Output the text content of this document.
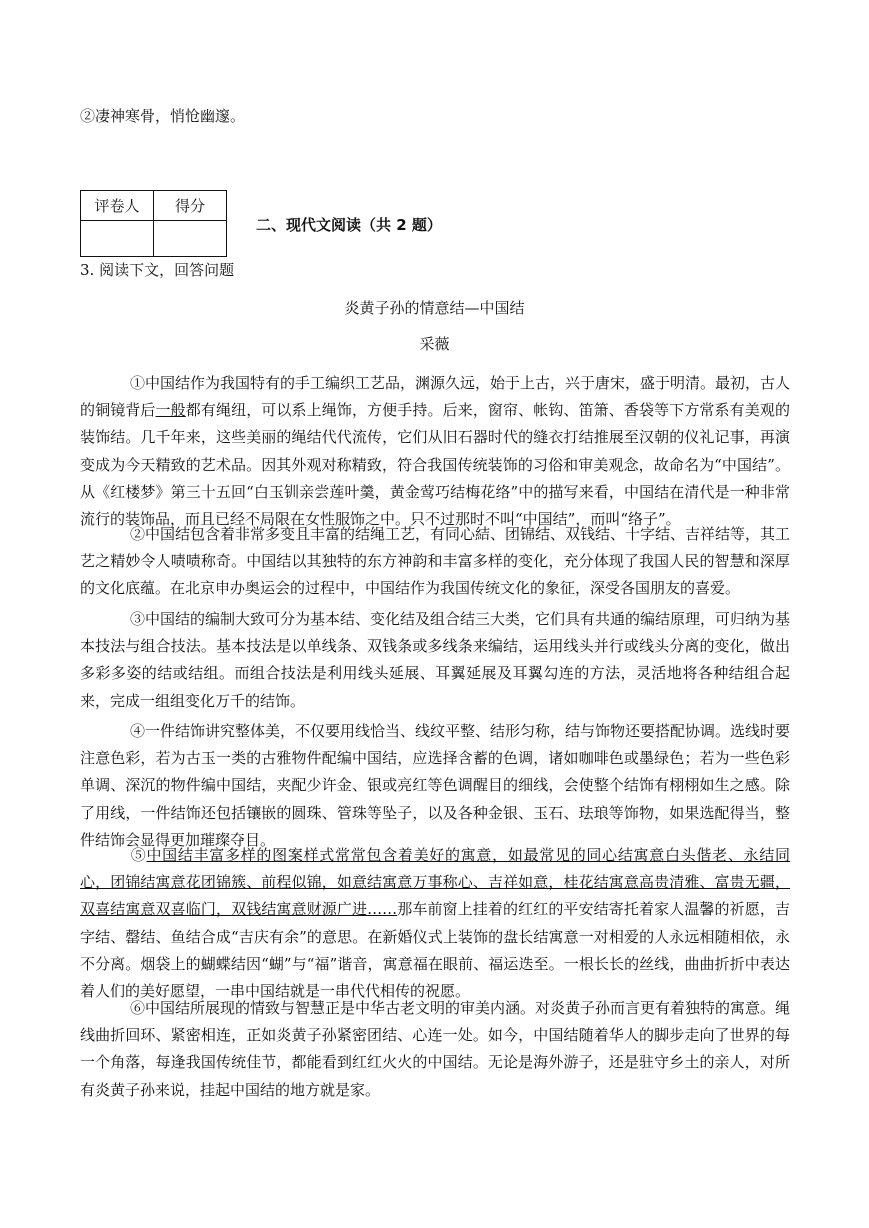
②凄神寒骨，悄怆幽邃。
评卷人	得分

二、现代文阅读（共 2 题）
3. 阅读下文，回答问题
炎黄子孙的情意结—中国结
采薇
①中国结作为我国特有的手工编织工艺品，渊源久远，始于上古，兴于唐宋，盛于明清。最初，古人的铜镜背后一般都有绳纽，可以系上绳饰，方便手持。后来，窗帘、帐钩、笛箫、香袋等下方常系有美观的装饰结。几千年来，这些美丽的绳结代代流传，它们从旧石器时代的缝衣打结推展至汉朝的仪礼记事，再演变成为今天精致的艺术品。因其外观对称精致，符合我国传统装饰的习俗和审美观念，故命名为“中国结”。从《红楼梦》第三十五回“白玉钏亲尝莲叶羹，黄金莺巧结梅花络”中的描写来看，中国结在清代是一种非常流行的装饰品，而且已经不局限在女性服饰之中。只不过那时不叫“中国结”，而叫“络子”。
②中国结包含着非常多变且丰富的结绳工艺，有同心結、团锦结、双钱结、十字结、吉祥结等，其工艺之精妙令人啧啧称奇。中国结以其独特的东方神韵和丰富多样的变化，充分体现了我国人民的智慧和深厚的文化底蕴。在北京申办奥运会的过程中，中国结作为我国传统文化的象征，深受各国朋友的喜爱。
③中国结的编制大致可分为基本结、变化结及组合结三大类，它们具有共通的编结原理，可归纳为基本技法与组合技法。基本技法是以单线条、双钱条或多线条来编结，运用线头并行或线头分离的变化，做出多彩多姿的结或结组。而组合技法是利用线头延展、耳翼延展及耳翼勾连的方法，灵活地将各种结组合起来，完成一组组变化万千的结饰。
④一件结饰讲究整体美，不仅要用线恰当、线纹平整、结形匀称，结与饰物还要搭配协调。选线时要注意色彩，若为古玉一类的古雅物件配编中国结，应选择含蓄的色调，诸如咖啡色或墨绿色；若为一些色彩单调、深沉的物件编中国结，夹配少许金、银或亮红等色调醒目的细线，会使整个结饰有栩栩如生之感。除了用线，一件结饰还包括镶嵌的圆珠、管珠等坠子，以及各种金银、玉石、珐琅等饰物，如果选配得当，整件结饰会显得更加璀璨夺目。
⑤中国结丰富多样的图案样式常常包含着美好的寓意，如最常见的同心结寓意白头偕老、永结同心，团锦结寓意花团锦簇、前程似锦，如意结寓意万事称心、吉祥如意，桂花结寓意高贵清雅、富贵无疆，双喜结寓意双喜临门，双钱结寓意财源广进……那车前窗上挂着的红红的平安结寄托着家人温馨的祈愿，吉字结、罄结、鱼结合成“吉庆有余”的意思。在新婚仪式上装饰的盘长结寓意一对相爱的人永远相随相依，永不分离。烟袋上的蝴蝶结因“蝴”与“福”谐音，寓意福在眼前、福运迭至。一根长长的丝线，曲曲折折中表达着人们的美好愿望，一串中国结就是一串代代相传的祝愿。
⑥中国结所展现的情致与智慧正是中华古老文明的审美内涵。对炎黄子孙而言更有着独特的寓意。绳线曲折回环、紧密相连，正如炎黄子孙紧密团结、心连一处。如今，中国结随着华人的脚步走向了世界的每一个角落，每逢我国传统佳节，都能看到红红火火的中国结。无论是海外游子，还是驻守乡土的亲人，对所有炎黄子孙来说，挂起中国结的地方就是家。
